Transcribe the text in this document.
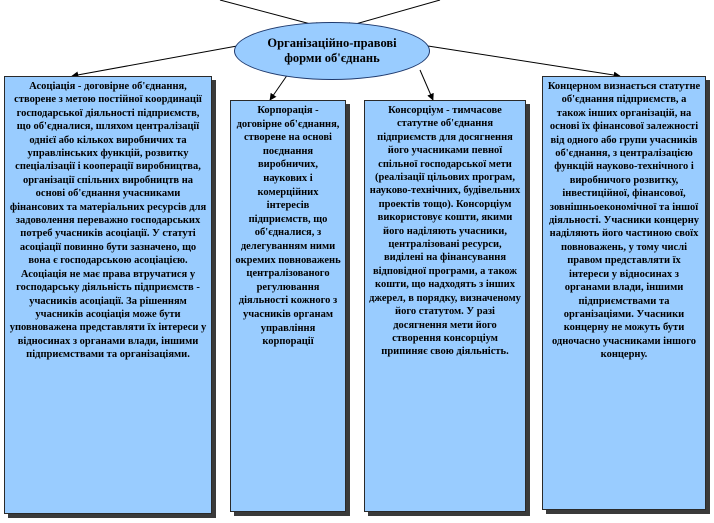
Організаційно-правові
форми об'єднань
Асоціація - договірне об'єднання, створене з метою постійної координації господарської діяльності підприємств, що об'єдналися, шляхом централізації однієї або кількох виробничих та управлінських функцій, розвитку спеціалізації і кооперації виробництва, організації спільних виробництв на основі об'єднання учасниками фінансових та матеріальних ресурсів для задоволення переважно господарських потреб учасників асоціації. У статуті асоціації повинно бути зазначено, що вона є господарською асоціацією. Асоціація не має права втручатися у господарську діяльність підприємств - учасників асоціації. За рішенням учасників асоціація може бути уповноважена представляти їх інтереси у відносинах з органами влади, іншими підприємствами та організаціями.
Корпорація - договірне об'єднання, створене на основі поєднання виробничих, наукових і комерційних інтересів підприємств, що об'єдналися, з делегуванням ними окремих повноважень централізованого регулювання діяльності кожного з учасників органам управління корпорації
Консорціум - тимчасове статутне об'єднання підприємств для досягнення його учасниками певної спільної господарської мети (реалізації цільових програм, науково-технічних, будівельних проектів тощо). Консорціум використовує кошти, якими його наділяють учасники, централізовані ресурси, виділені на фінансування відповідної програми, а також кошти, що надходять з інших джерел, в порядку, визначеному його статутом. У разі досягнення мети його створення консорціум припиняє свою діяльність.
Концерном визнається статутне об'єднання підприємств, а також інших організацій, на основі їх фінансової залежності від одного або групи учасників об'єднання, з централізацією функцій науково-технічного і виробничого розвитку, інвестиційної, фінансової, зовнішньоекономічної та іншої діяльності. Учасники концерну наділяють його частиною своїх повноважень, у тому числі правом представляти їх інтереси у відносинах з органами влади, іншими підприємствами та організаціями. Учасники концерну не можуть бути одночасно учасниками іншого концерну.
